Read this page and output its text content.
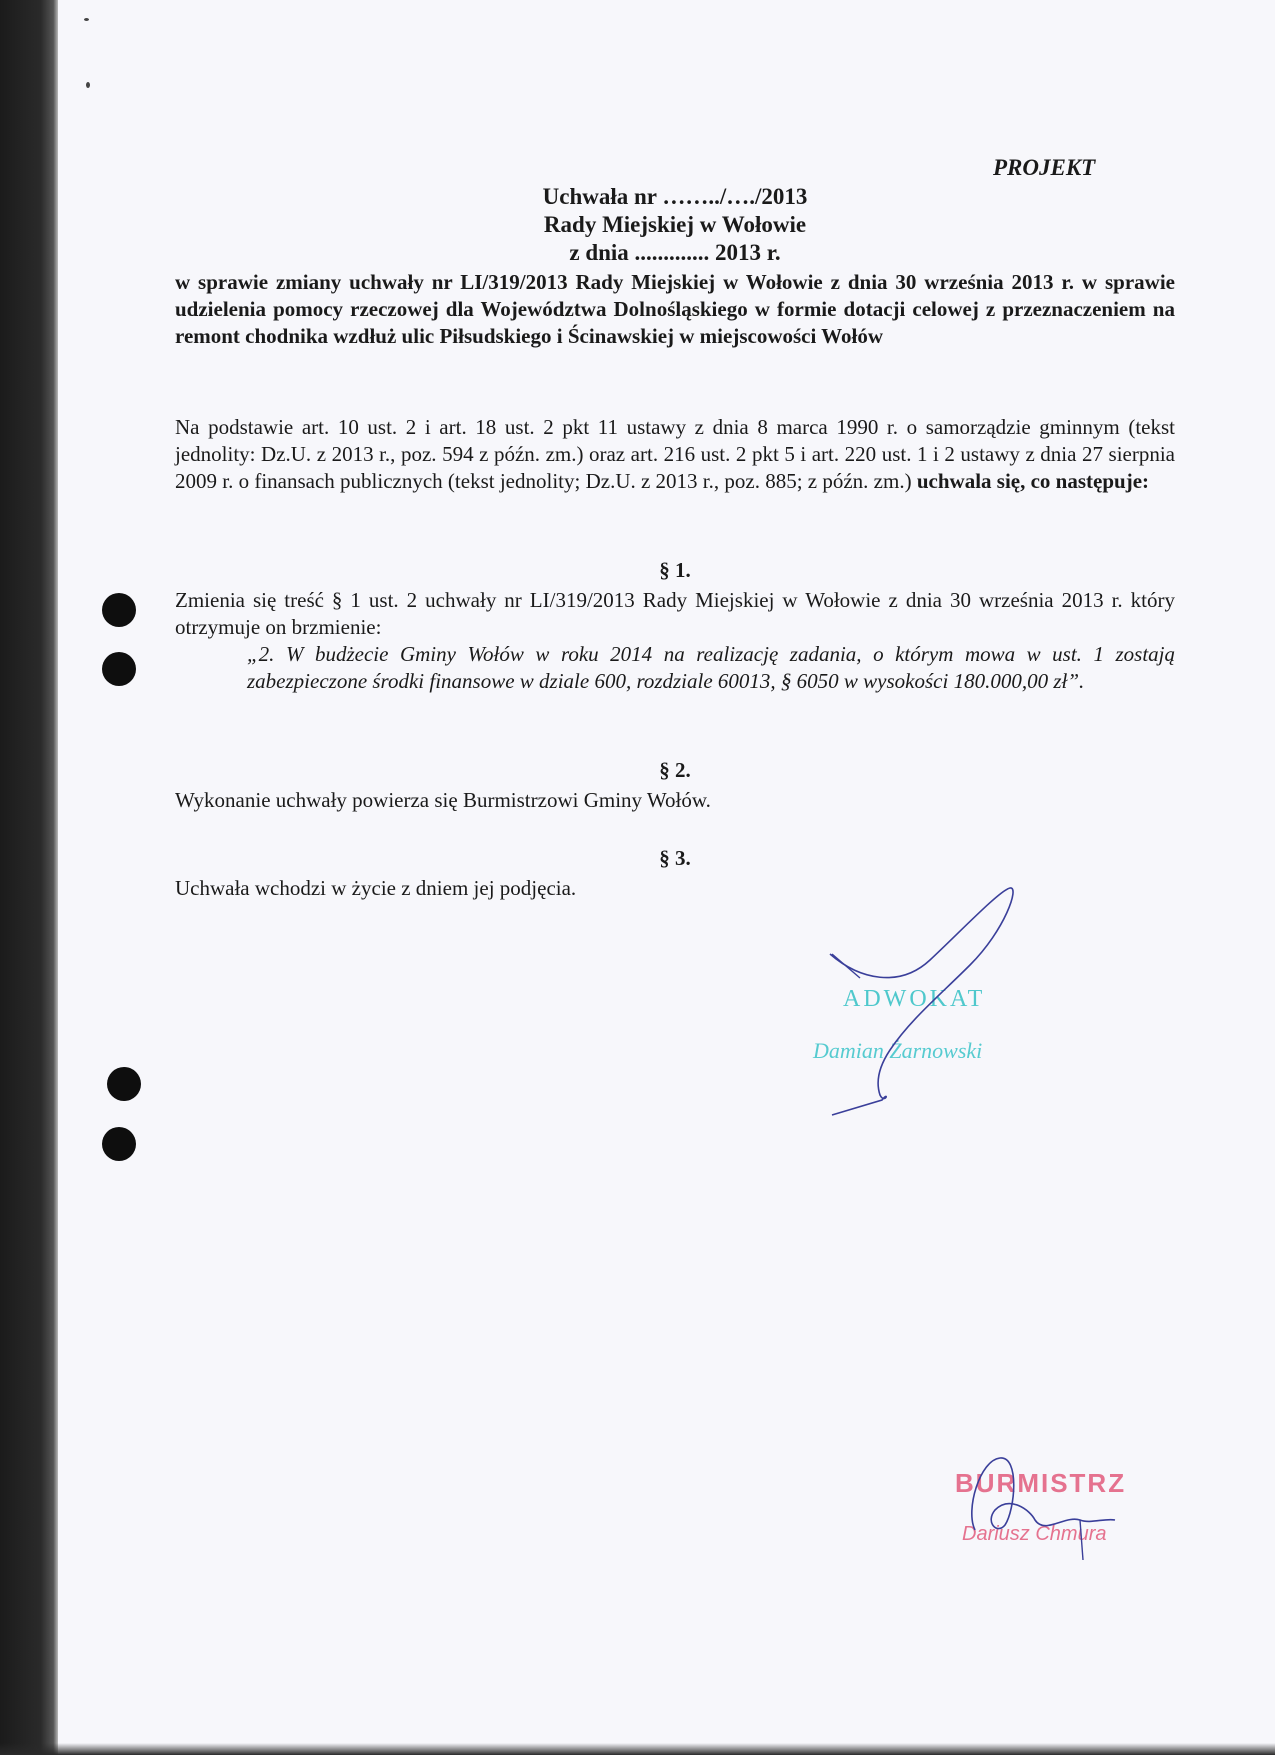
PROJEKT
Uchwała nr ……../…./2013
Rady Miejskiej w Wołowie
z dnia ............. 2013 r.
w sprawie zmiany uchwały nr LI/319/2013 Rady Miejskiej w Wołowie z dnia 30 września 2013 r. w sprawie udzielenia pomocy rzeczowej dla Województwa Dolnośląskiego w formie dotacji celowej z przeznaczeniem na remont chodnika wzdłuż ulic Piłsudskiego i Ścinawskiej w miejscowości Wołów
Na podstawie art. 10 ust. 2 i art. 18 ust. 2 pkt 11 ustawy z dnia 8 marca 1990 r. o samorządzie gminnym (tekst jednolity: Dz.U. z 2013 r., poz. 594 z późn. zm.) oraz art. 216 ust. 2 pkt 5 i art. 220 ust. 1 i 2 ustawy z dnia 27 sierpnia 2009 r. o finansach publicznych (tekst jednolity; Dz.U. z 2013 r., poz. 885; z późn. zm.) uchwala się, co następuje:
§ 1.
Zmienia się treść § 1 ust. 2 uchwały nr LI/319/2013 Rady Miejskiej w Wołowie z dnia 30 września 2013 r. który otrzymuje on brzmienie:
„2. W budżecie Gminy Wołów w roku 2014 na realizację zadania, o którym mowa w ust. 1 zostają zabezpieczone środki finansowe w dziale 600, rozdziale 60013, § 6050 w wysokości 180.000,00 zł”.
§ 2.
Wykonanie uchwały powierza się Burmistrzowi Gminy Wołów.
§ 3.
Uchwała wchodzi w życie z dniem jej podjęcia.
ADWOKAT
Damian Żarnowski
BURMISTRZ
Dariusz Chmura
